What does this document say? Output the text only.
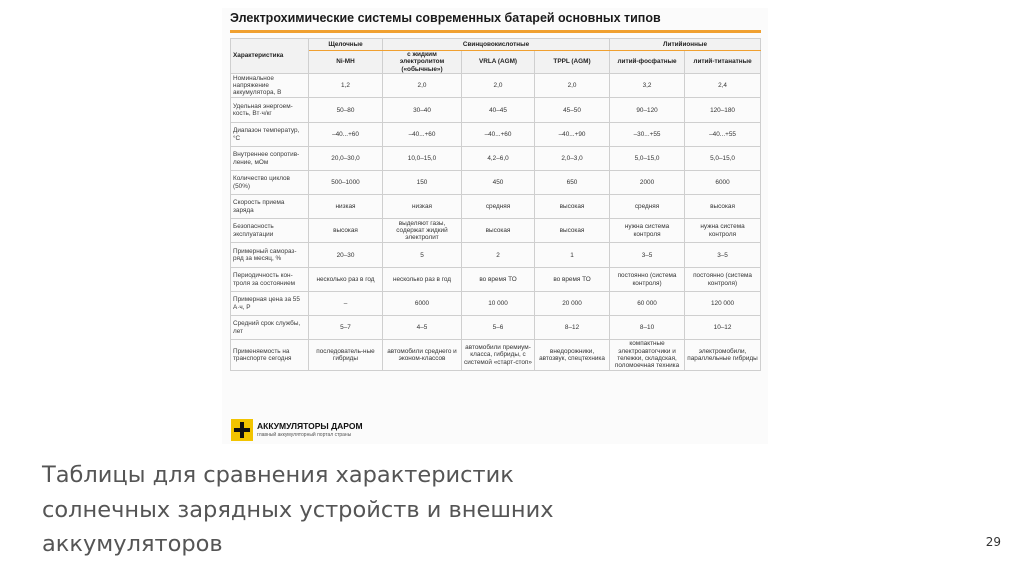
Электрохимические системы современных батарей основных типов
Характеристика	Щелочные	Свинцовокислотные			Литийионные	
	Ni-MH	с жидким электролитом («обычные»)	VRLA (AGM)	TPPL (AGM)	литий-фосфатные	литий-титанатные
Номинальное напряжение аккумулятора, В	1,2	2,0	2,0	2,0	3,2	2,4
Удельная энергоем-кость, Вт·ч/кг	50–80	30–40	40–45	45–50	90–120	120–180
Диапазон температур, °С	–40...+60	–40...+60	–40...+60	–40...+90	–30...+55	–40...+55
Внутреннее сопротив-ление, мОм	20,0–30,0	10,0–15,0	4,2–6,0	2,0–3,0	5,0–15,0	5,0–15,0
Количество циклов (50%)	500–1000	150	450	650	2000	6000
Скорость приема заряда	низкая	низкая	средняя	высокая	средняя	высокая
Безопасность эксплуатации	высокая	выделяют газы, содержат жидкий электролит	высокая	высокая	нужна система контроля	нужна система контроля
Примерный самораз-ряд за месяц, %	20–30	5	2	1	3–5	3–5
Периодичность кон-троля за состоянием	несколько раз в год	несколько раз в год	во время ТО	во время ТО	постоянно (система контроля)	постоянно (система контроля)
Примерная цена за 55 А·ч, Р	–	6000	10 000	20 000	60 000	120 000
Средний срок службы, лет	5–7	4–5	5–6	8–12	8–10	10–12
Применяемость на транспорте сегодня	последователь-ные гибриды	автомобили среднего и эконом-классов	автомобили премиум-класса, гибриды, с системой «старт-стоп»	внедорожники, автозвук, спецтехника	компактные электроавтогчики и тележки, складская, поломоечная техника	электромобили, параллельные гибриды
АККУМУЛЯТОРЫ ДАРОМ
главный аккумуляторный портал страны
Таблицы для сравнения характеристик
солнечных зарядных устройств и внешних
аккумуляторов	29
